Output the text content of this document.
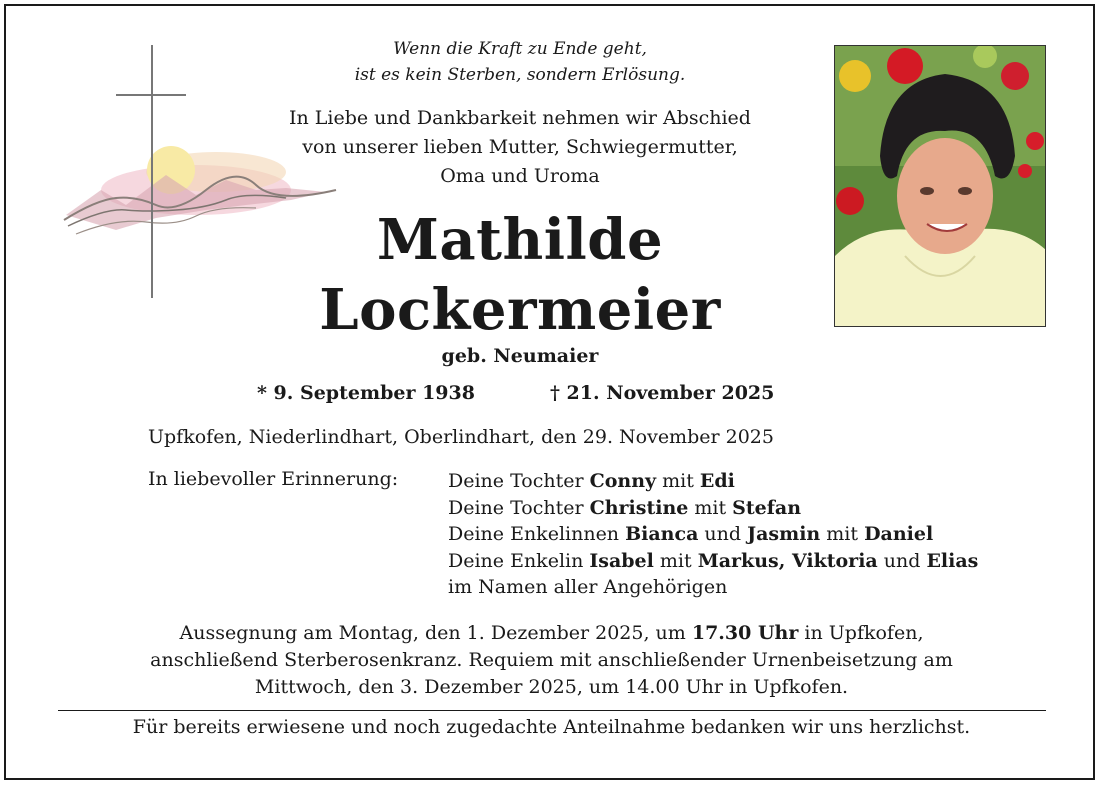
Wenn die Kraft zu Ende geht,
ist es kein Sterben, sondern Erlösung.
In Liebe und Dankbarkeit nehmen wir Abschied
von unserer lieben Mutter, Schwiegermutter,
Oma und Uroma
Mathilde
Lockermeier
geb. Neumaier
* 9. September 1938	† 21. November 2025
Upfkofen, Niederlindhart, Oberlindhart, den 29. November 2025
In liebevoller Erinnerung:	Deine Tochter Conny mit Edi
Deine Tochter Christine mit Stefan
Deine Enkelinnen Bianca und Jasmin mit Daniel
Deine Enkelin Isabel mit Markus, Viktoria und Elias
im Namen aller Angehörigen
Aussegnung am Montag, den 1. Dezember 2025, um 17.30 Uhr in Upfkofen,
anschließend Sterberosenkranz. Requiem mit anschließender Urnenbeisetzung am
Mittwoch, den 3. Dezember 2025, um 14.00 Uhr in Upfkofen.
Für bereits erwiesene und noch zugedachte Anteilnahme bedanken wir uns herzlichst.
